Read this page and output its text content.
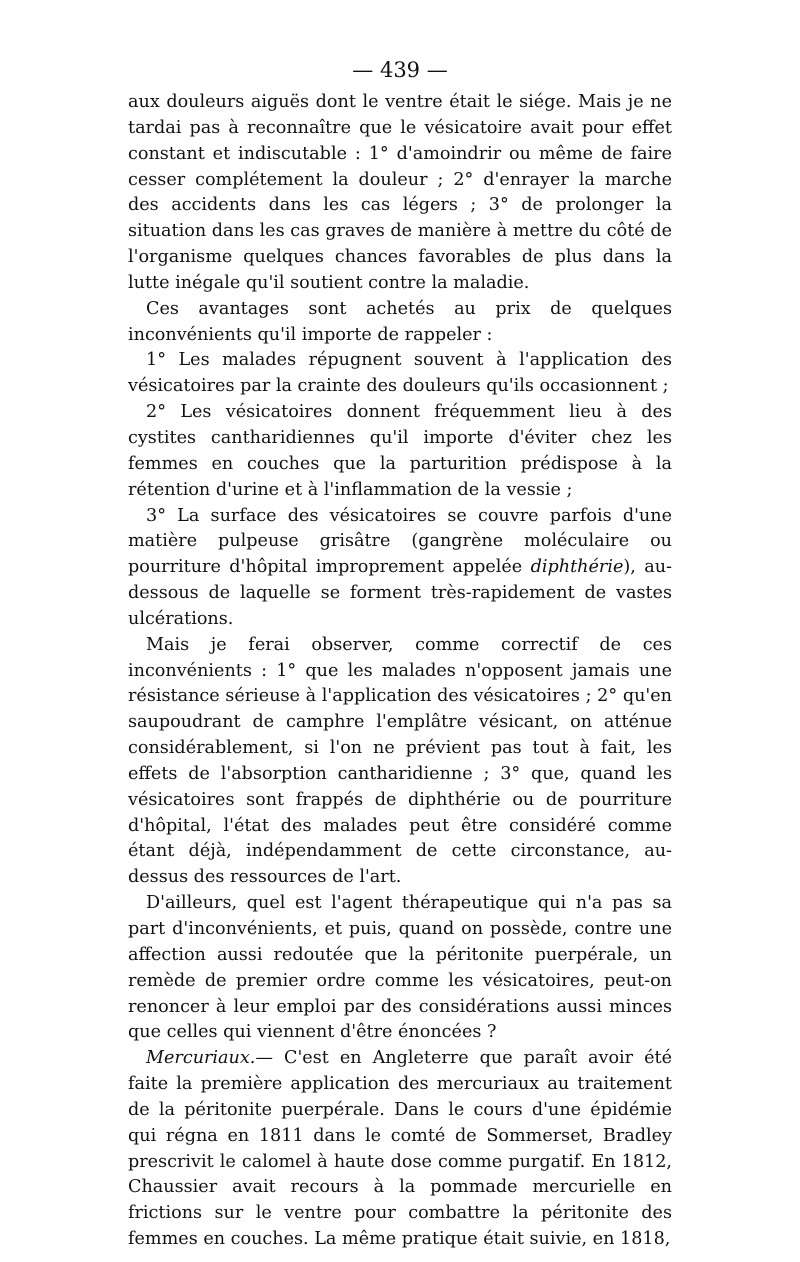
— 439 —

aux douleurs aiguës dont le ventre était le siége. Mais je ne tardai pas à reconnaître que le vésicatoire avait pour effet constant et indiscutable : 1° d'amoindrir ou même de faire cesser complétement la douleur ; 2° d'enrayer la marche des accidents dans les cas légers ; 3° de prolonger la situation dans les cas graves de manière à mettre du côté de l'organisme quelques chances favorables de plus dans la lutte inégale qu'il soutient contre la maladie.

Ces avantages sont achetés au prix de quelques inconvénients qu'il importe de rappeler :

1° Les malades répugnent souvent à l'application des vésicatoires par la crainte des douleurs qu'ils occasionnent ;

2° Les vésicatoires donnent fréquemment lieu à des cystites cantharidiennes qu'il importe d'éviter chez les femmes en couches que la parturition prédispose à la rétention d'urine et à l'inflammation de la vessie ;

3° La surface des vésicatoires se couvre parfois d'une matière pulpeuse grisâtre (gangrène moléculaire ou pourriture d'hôpital improprement appelée diphthérie), au-dessous de laquelle se forment très-rapidement de vastes ulcérations.

Mais je ferai observer, comme correctif de ces inconvénients : 1° que les malades n'opposent jamais une résistance sérieuse à l'application des vésicatoires ; 2° qu'en saupoudrant de camphre l'emplâtre vésicant, on atténue considérablement, si l'on ne prévient pas tout à fait, les effets de l'absorption cantharidienne ; 3° que, quand les vésicatoires sont frappés de diphthérie ou de pourriture d'hôpital, l'état des malades peut être considéré comme étant déjà, indépendamment de cette circonstance, au-dessus des ressources de l'art.

D'ailleurs, quel est l'agent thérapeutique qui n'a pas sa part d'inconvénients, et puis, quand on possède, contre une affection aussi redoutée que la péritonite puerpérale, un remède de premier ordre comme les vésicatoires, peut-on renoncer à leur emploi par des considérations aussi minces que celles qui viennent d'être énoncées ?

Mercuriaux.— C'est en Angleterre que paraît avoir été faite la première application des mercuriaux au traitement de la péritonite puerpérale. Dans le cours d'une épidémie qui régna en 1811 dans le comté de Sommerset, Bradley prescrivit le calomel à haute dose comme purgatif. En 1812, Chaussier avait recours à la pommade mercurielle en frictions sur le ventre pour combattre la péritonite des femmes en couches. La même pratique était suivie, en 1818,
